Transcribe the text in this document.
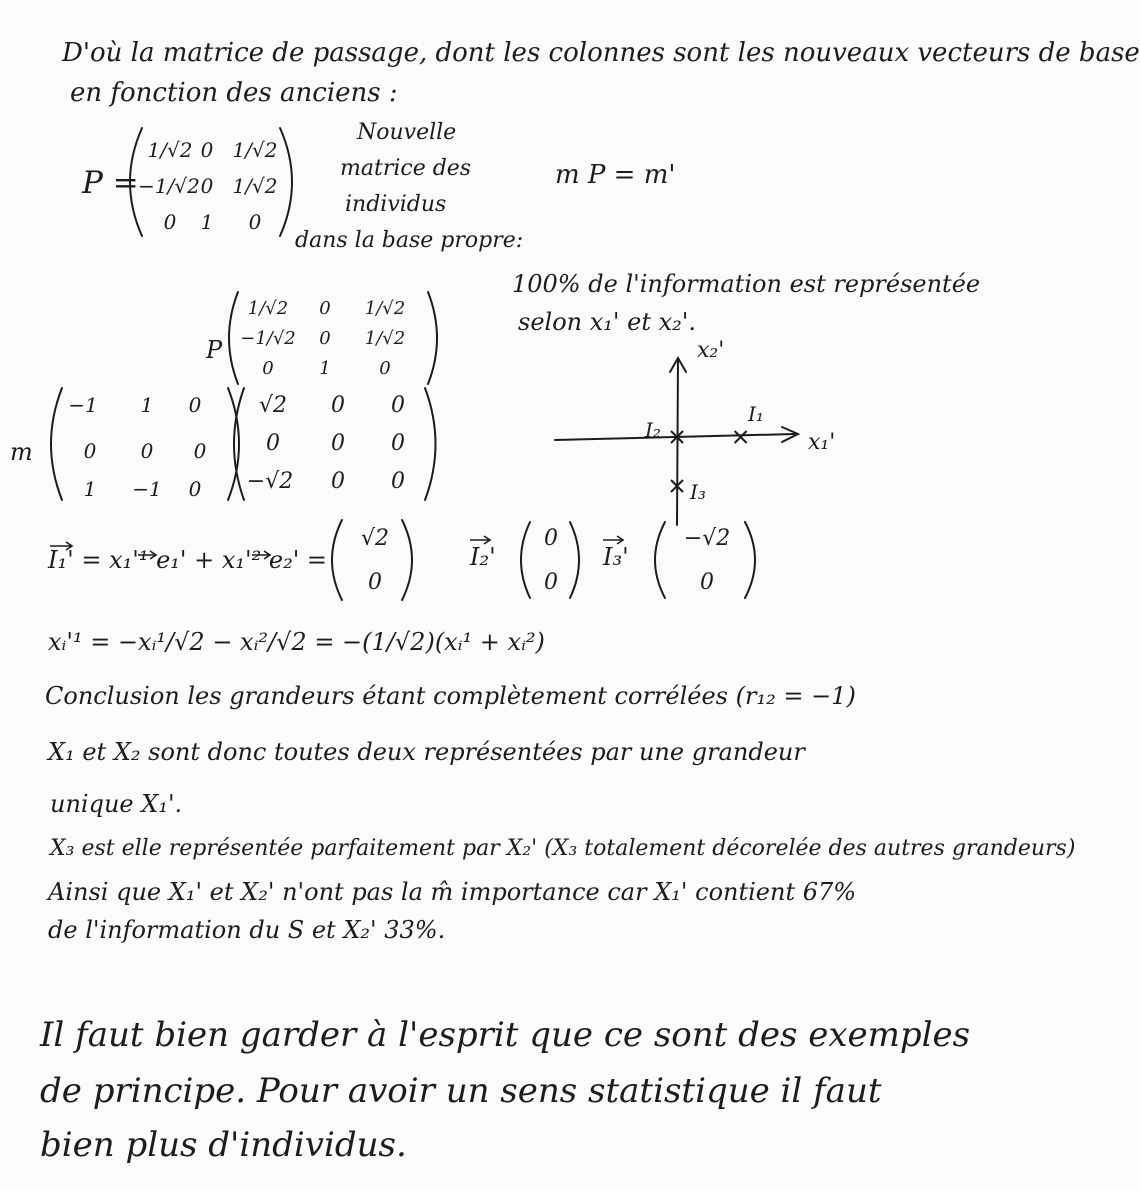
D'où la matrice de passage, dont les colonnes sont les nouveaux vecteurs de base
en fonction des anciens :
P =
1/√2 0 1/√2
−1/√2 0 1/√2
0	1	0
Nouvelle
matrice des
individus
dans la base propre:
m P = m'
100% de l'information est représentée
selon x₁' et x₂'.
P
1/√2	0	1/√2
−1/√2	0	1/√2
0	1	0
m
−1	1	0
0	0	0
1	−1	0
√2	0	0
0	0	0
−√2	0	0
x₂'
x₁'
I₁
I₂
I₃
I₁' = x₁'¹ e₁' + x₁'² e₂' =
√2
0
I₂'
0
0
I₃'
−√2
0
xᵢ'¹ = −xᵢ¹/√2 − xᵢ²/√2 = −(1/√2)(xᵢ¹ + xᵢ²)
Conclusion les grandeurs étant complètement corrélées (r₁₂ = −1)
X₁ et X₂ sont donc toutes deux représentées par une grandeur
unique X₁'.
X₃ est elle représentée parfaitement par X₂' (X₃ totalement décorelée des autres grandeurs)
Ainsi que X₁' et X₂' n'ont pas la m̂ importance car X₁' contient 67%
de l'information du S et X₂' 33%.
Il faut bien garder à l'esprit que ce sont des exemples
de principe. Pour avoir un sens statistique il faut
bien plus d'individus.
